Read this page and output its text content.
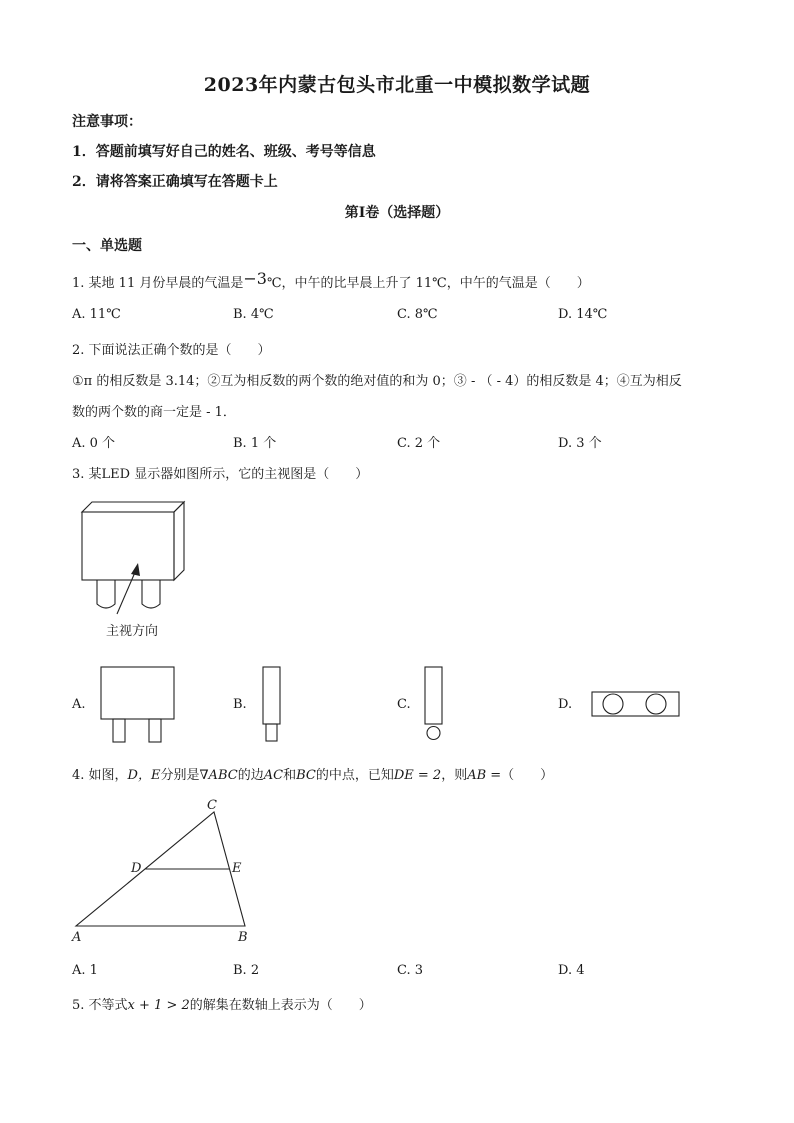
2023年内蒙古包头市北重一中模拟数学试题
注意事项：
1．答题前填写好自己的姓名、班级、考号等信息
2．请将答案正确填写在答题卡上
第I卷（选择题）
一、单选题
1. 某地 11 月份早晨的气温是−3℃，中午的比早晨上升了 11℃，中午的气温是（　　）
A. 11℃	B. 4℃	C. 8℃	D. 14℃
2. 下面说法正确个数的是（　　）
①π 的相反数是 3.14；②互为相反数的两个数的绝对值的和为 0；③ - （ - 4）的相反数是 4；④互为相反
数的两个数的商一定是 - 1．
A. 0 个	B. 1 个	C. 2 个	D. 3 个
3. 某LED 显示器如图所示，它的主视图是（　　）
主视方向
A.	B.	C.	D.
4. 如图，D，E分别是∇ABC的边AC和BC的中点，已知DE = 2，则AB =（　　）
C
D	E
A	B
A. 1	B. 2	C. 3	D. 4
5. 不等式x + 1 > 2的解集在数轴上表示为（　　）
